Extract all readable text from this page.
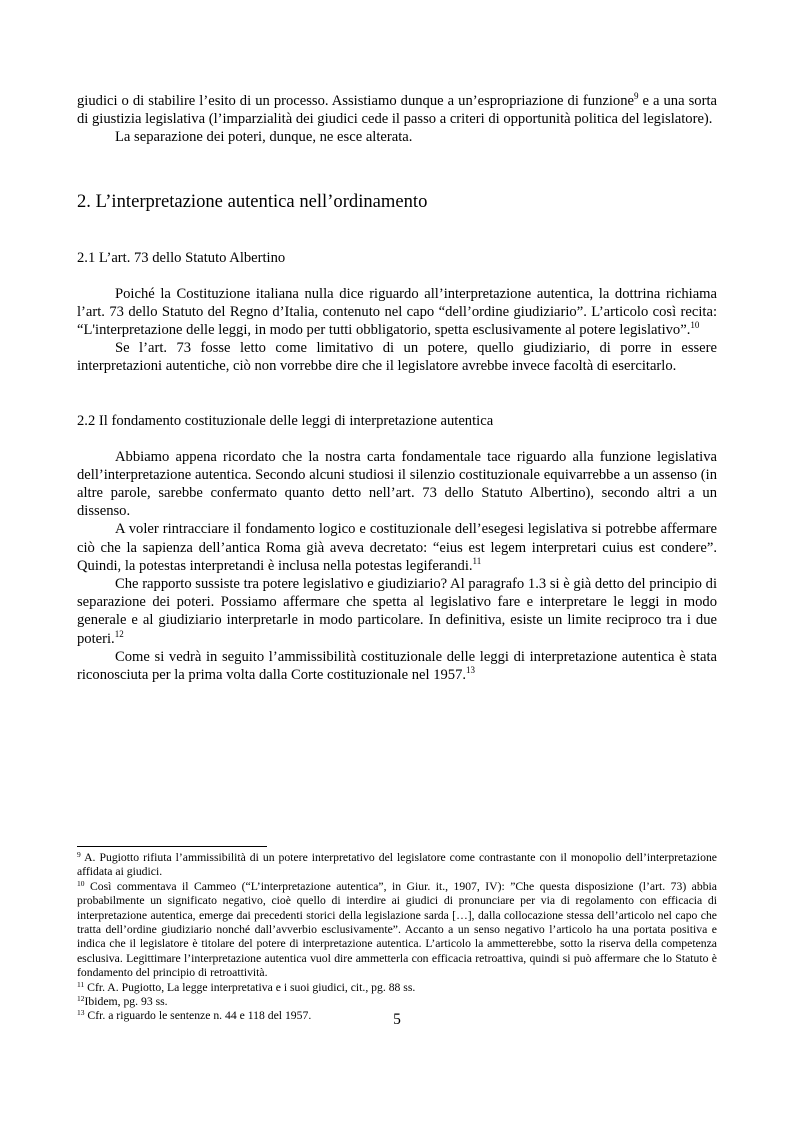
giudici o di stabilire l’esito di un processo. Assistiamo dunque a un’espropriazione di funzione$^9$ e a una sorta di giustizia legislativa (l’imparzialità dei giudici cede il passo a criteri di opportunità politica del legislatore).

La separazione dei poteri, dunque, ne esce alterata.

2. L’interpretazione autentica nell’ordinamento
2.1 L’art. 73 dello Statuto Albertino

Poiché la Costituzione italiana nulla dice riguardo all’interpretazione autentica, la dottrina richiama l’art. 73 dello Statuto del Regno d’Italia, contenuto nel capo “dell’ordine giudiziario”. L’articolo così recita: “L'interpretazione delle leggi, in modo per tutti obbligatorio, spetta esclusivamente al potere legislativo”.$^{10}$

Se l’art. 73 fosse letto come limitativo di un potere, quello giudiziario, di porre in essere interpretazioni autentiche, ciò non vorrebbe dire che il legislatore avrebbe invece facoltà di esercitarlo.

2.2 Il fondamento costituzionale delle leggi di interpretazione autentica

Abbiamo appena ricordato che la nostra carta fondamentale tace riguardo alla funzione legislativa dell’interpretazione autentica. Secondo alcuni studiosi il silenzio costituzionale equivarrebbe a un assenso (in altre parole, sarebbe confermato quanto detto nell’art. 73 dello Statuto Albertino), secondo altri a un dissenso.

A voler rintracciare il fondamento logico e costituzionale dell’esegesi legislativa si potrebbe affermare ciò che la sapienza dell’antica Roma già aveva decretato: “eius est legem interpretari cuius est condere”. Quindi, la potestas interpretandi è inclusa nella potestas legiferandi.$^{11}$

Che rapporto sussiste tra potere legislativo e giudiziario? Al paragrafo 1.3 si è già detto del principio di separazione dei poteri. Possiamo affermare che spetta al legislativo fare e interpretare le leggi in modo generale e al giudiziario interpretarle in modo particolare. In definitiva, esiste un limite reciproco tra i due poteri.$^{12}$

Come si vedrà in seguito l’ammissibilità costituzionale delle leggi di interpretazione autentica è stata riconosciuta per la prima volta dalla Corte costituzionale nel 1957.13

$^9$ A. Pugiotto rifiuta l’ammissibilità di un potere interpretativo del legislatore come contrastante con il monopolio dell’interpretazione affidata ai giudici.

$^{10}$ Così commentava il Cammeo (“L’interpretazione autentica”, in Giur. it., 1907, IV): ”Che questa disposizione (l’art. 73) abbia probabilmente un significato negativo, cioè quello di interdire ai giudici di pronunciare per via di regolamento con efficacia di interpretazione autentica, emerge dai precedenti storici della legislazione sarda […], dalla collocazione stessa dell’articolo nel capo che tratta dell’ordine giudiziario nonché dall’avverbio esclusivamente”. Accanto a un senso negativo l’articolo ha una portata positiva e indica che il legislatore è titolare del potere di interpretazione autentica. L’articolo la ammetterebbe, sotto la riserva della competenza esclusiva. Legittimare l’interpretazione autentica vuol dire ammetterla con efficacia retroattiva, quindi si può affermare che lo Statuto è fondamento del principio di retroattività.

$^{11}$ Cfr. A. Pugiotto, La legge interpretativa e i suoi giudici, cit., pg. 88 ss.

$^{12}$Ibidem, pg. 93 ss.

$^{13}$ Cfr. a riguardo le sentenze n. 44 e 118 del 1957.	5
